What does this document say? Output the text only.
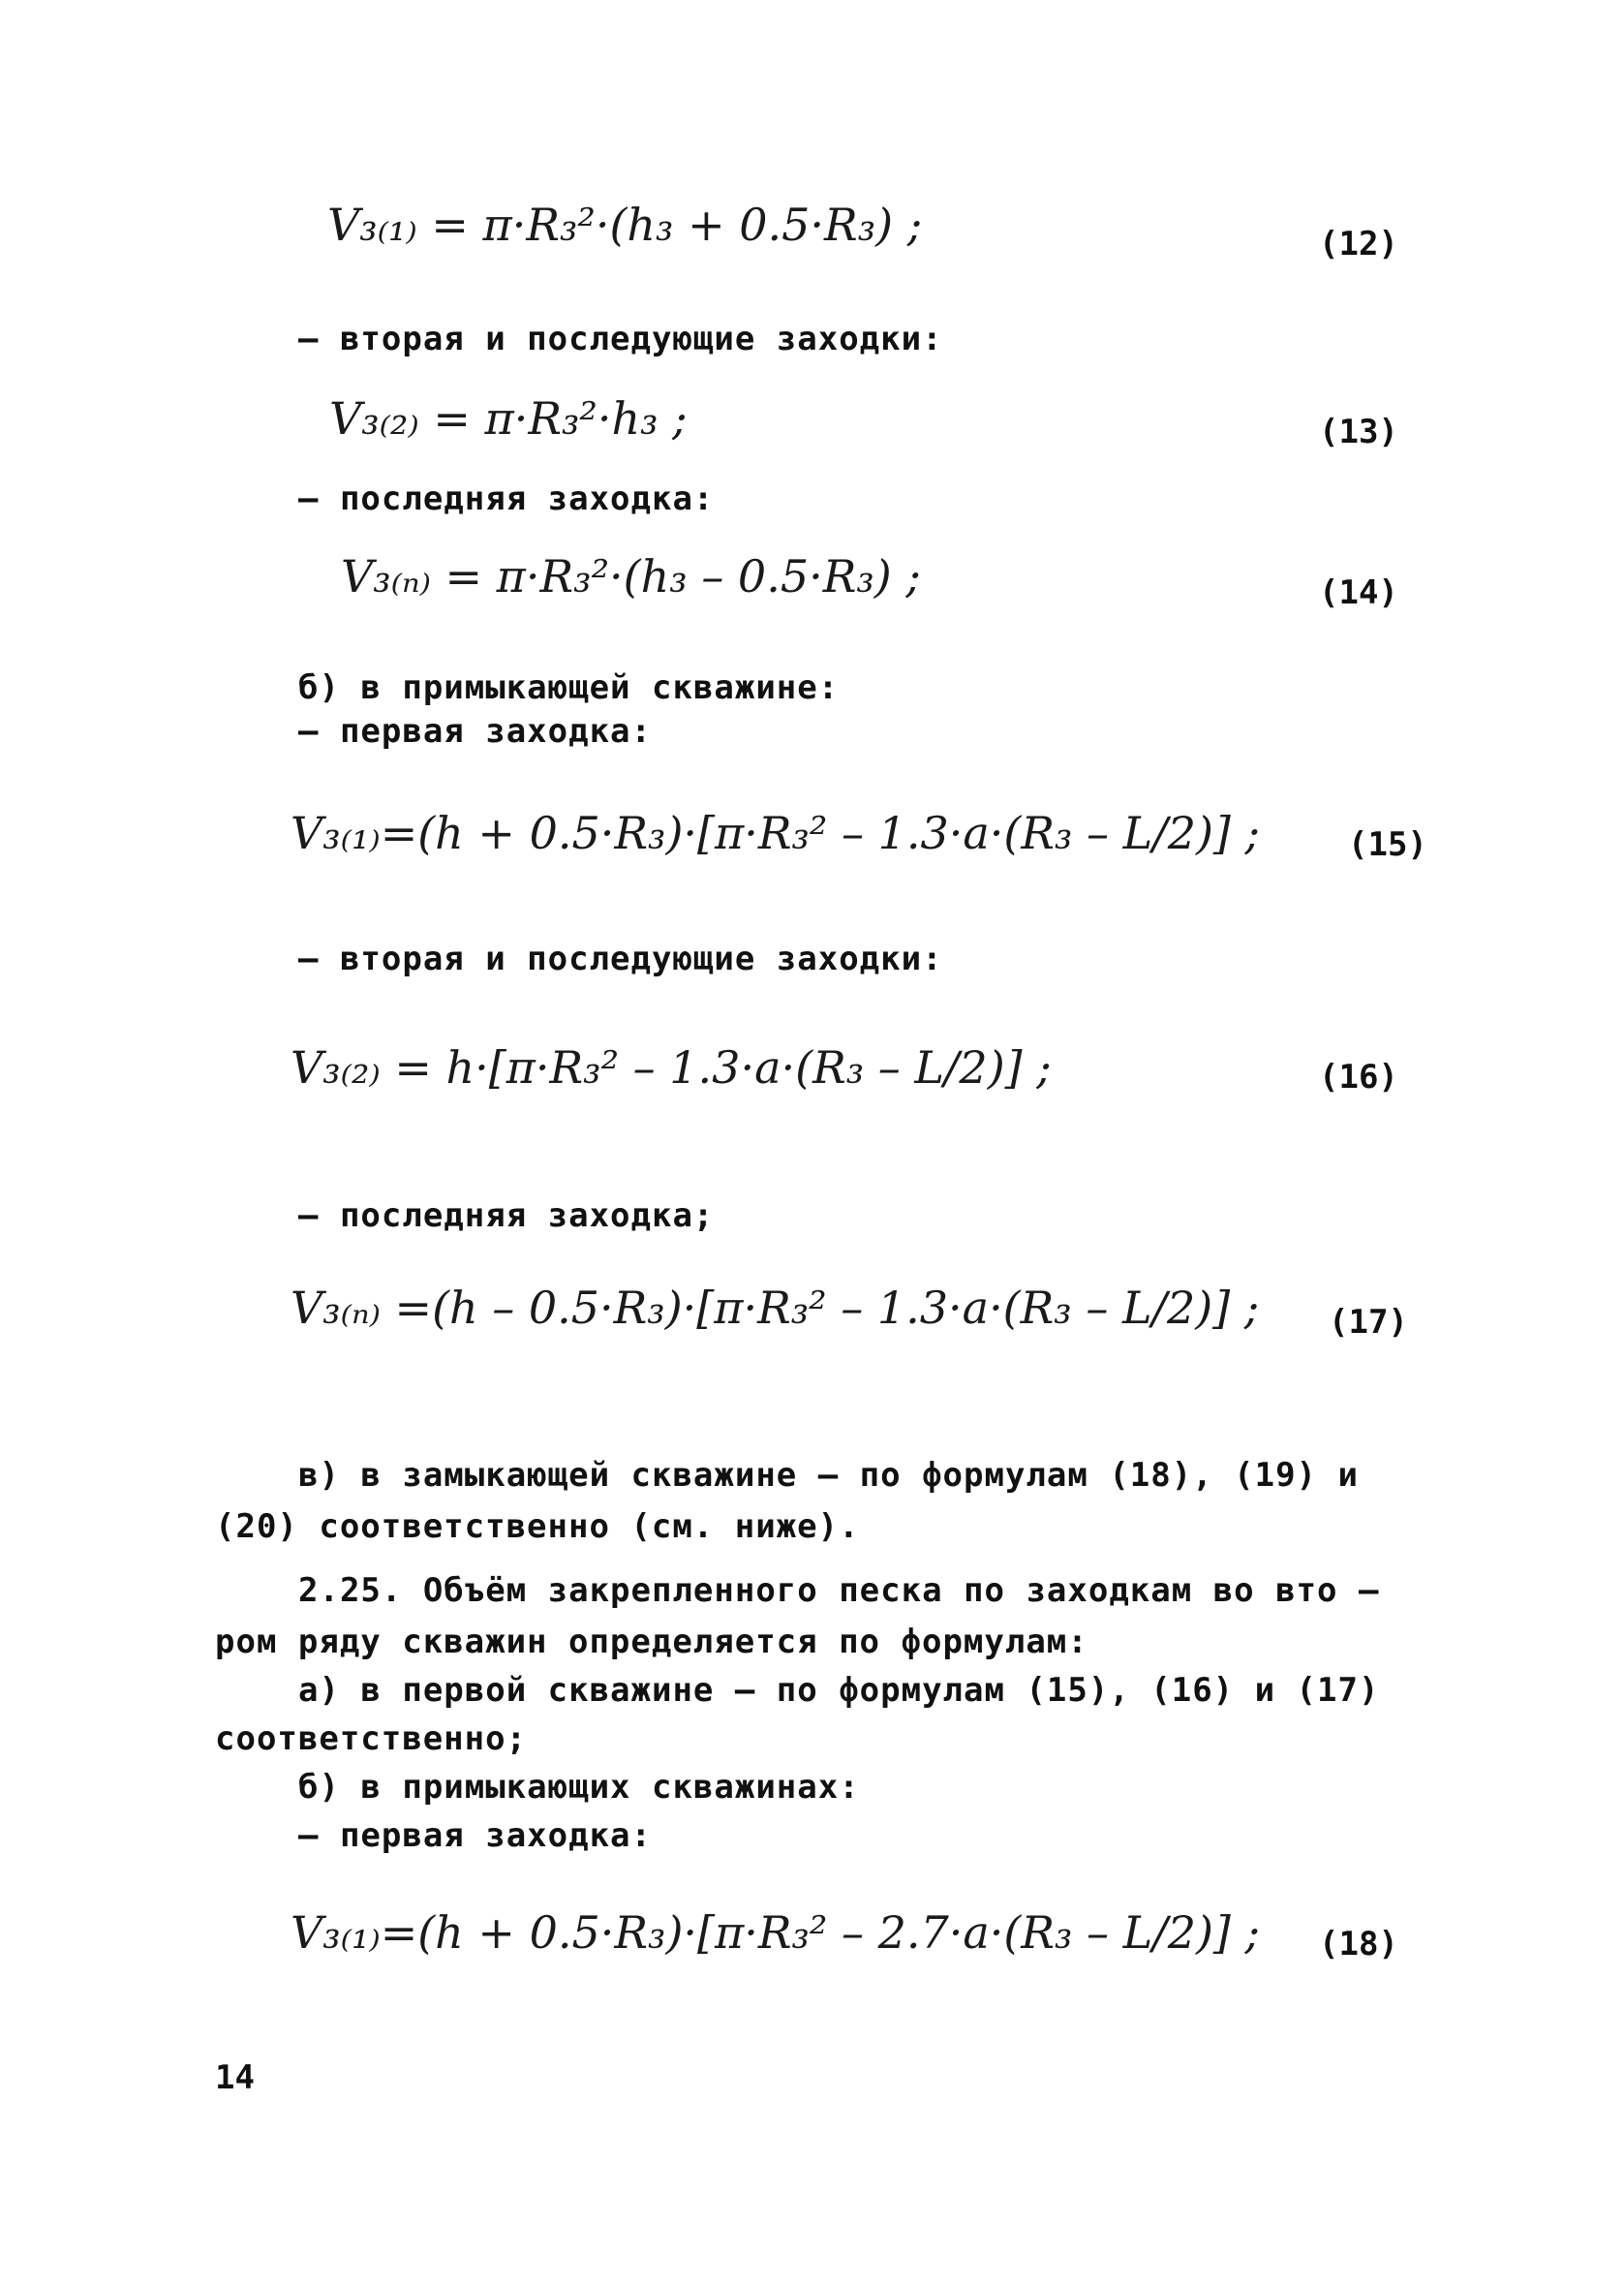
V₃₍₁₎ = π·R₃²·(h₃ + 0.5·R₃) ;	(12)
– вторая и последующие заходки:
V₃₍₂₎ = π·R₃²·h₃ ;	(13)
– последняя заходка:
V₃₍ₙ₎ = π·R₃²·(h₃ – 0.5·R₃) ;	(14)
б) в примыкающей скважине:
– первая заходка:
V₃₍₁₎=(h + 0.5·R₃)·[π·R₃² – 1.3·a·(R₃ – L/2)] ;	(15)
– вторая и последующие заходки:
V₃₍₂₎ = h·[π·R₃² – 1.3·a·(R₃ – L/2)] ;	(16)
– последняя заходка;
V₃₍ₙ₎ =(h – 0.5·R₃)·[π·R₃² – 1.3·a·(R₃ – L/2)] ; (17)
в) в замыкающей скважине – по формулам (18), (19) и
(20) соответственно (см. ниже).
2.25. Объём закрепленного песка по заходкам во вто –
ром ряду скважин определяется по формулам:
а) в первой скважине – по формулам (15), (16) и (17)
соответственно;
б) в примыкающих скважинах:
– первая заходка:
V₃₍₁₎=(h + 0.5·R₃)·[π·R₃² – 2.7·a·(R₃ – L/2)] ; (18)
14
